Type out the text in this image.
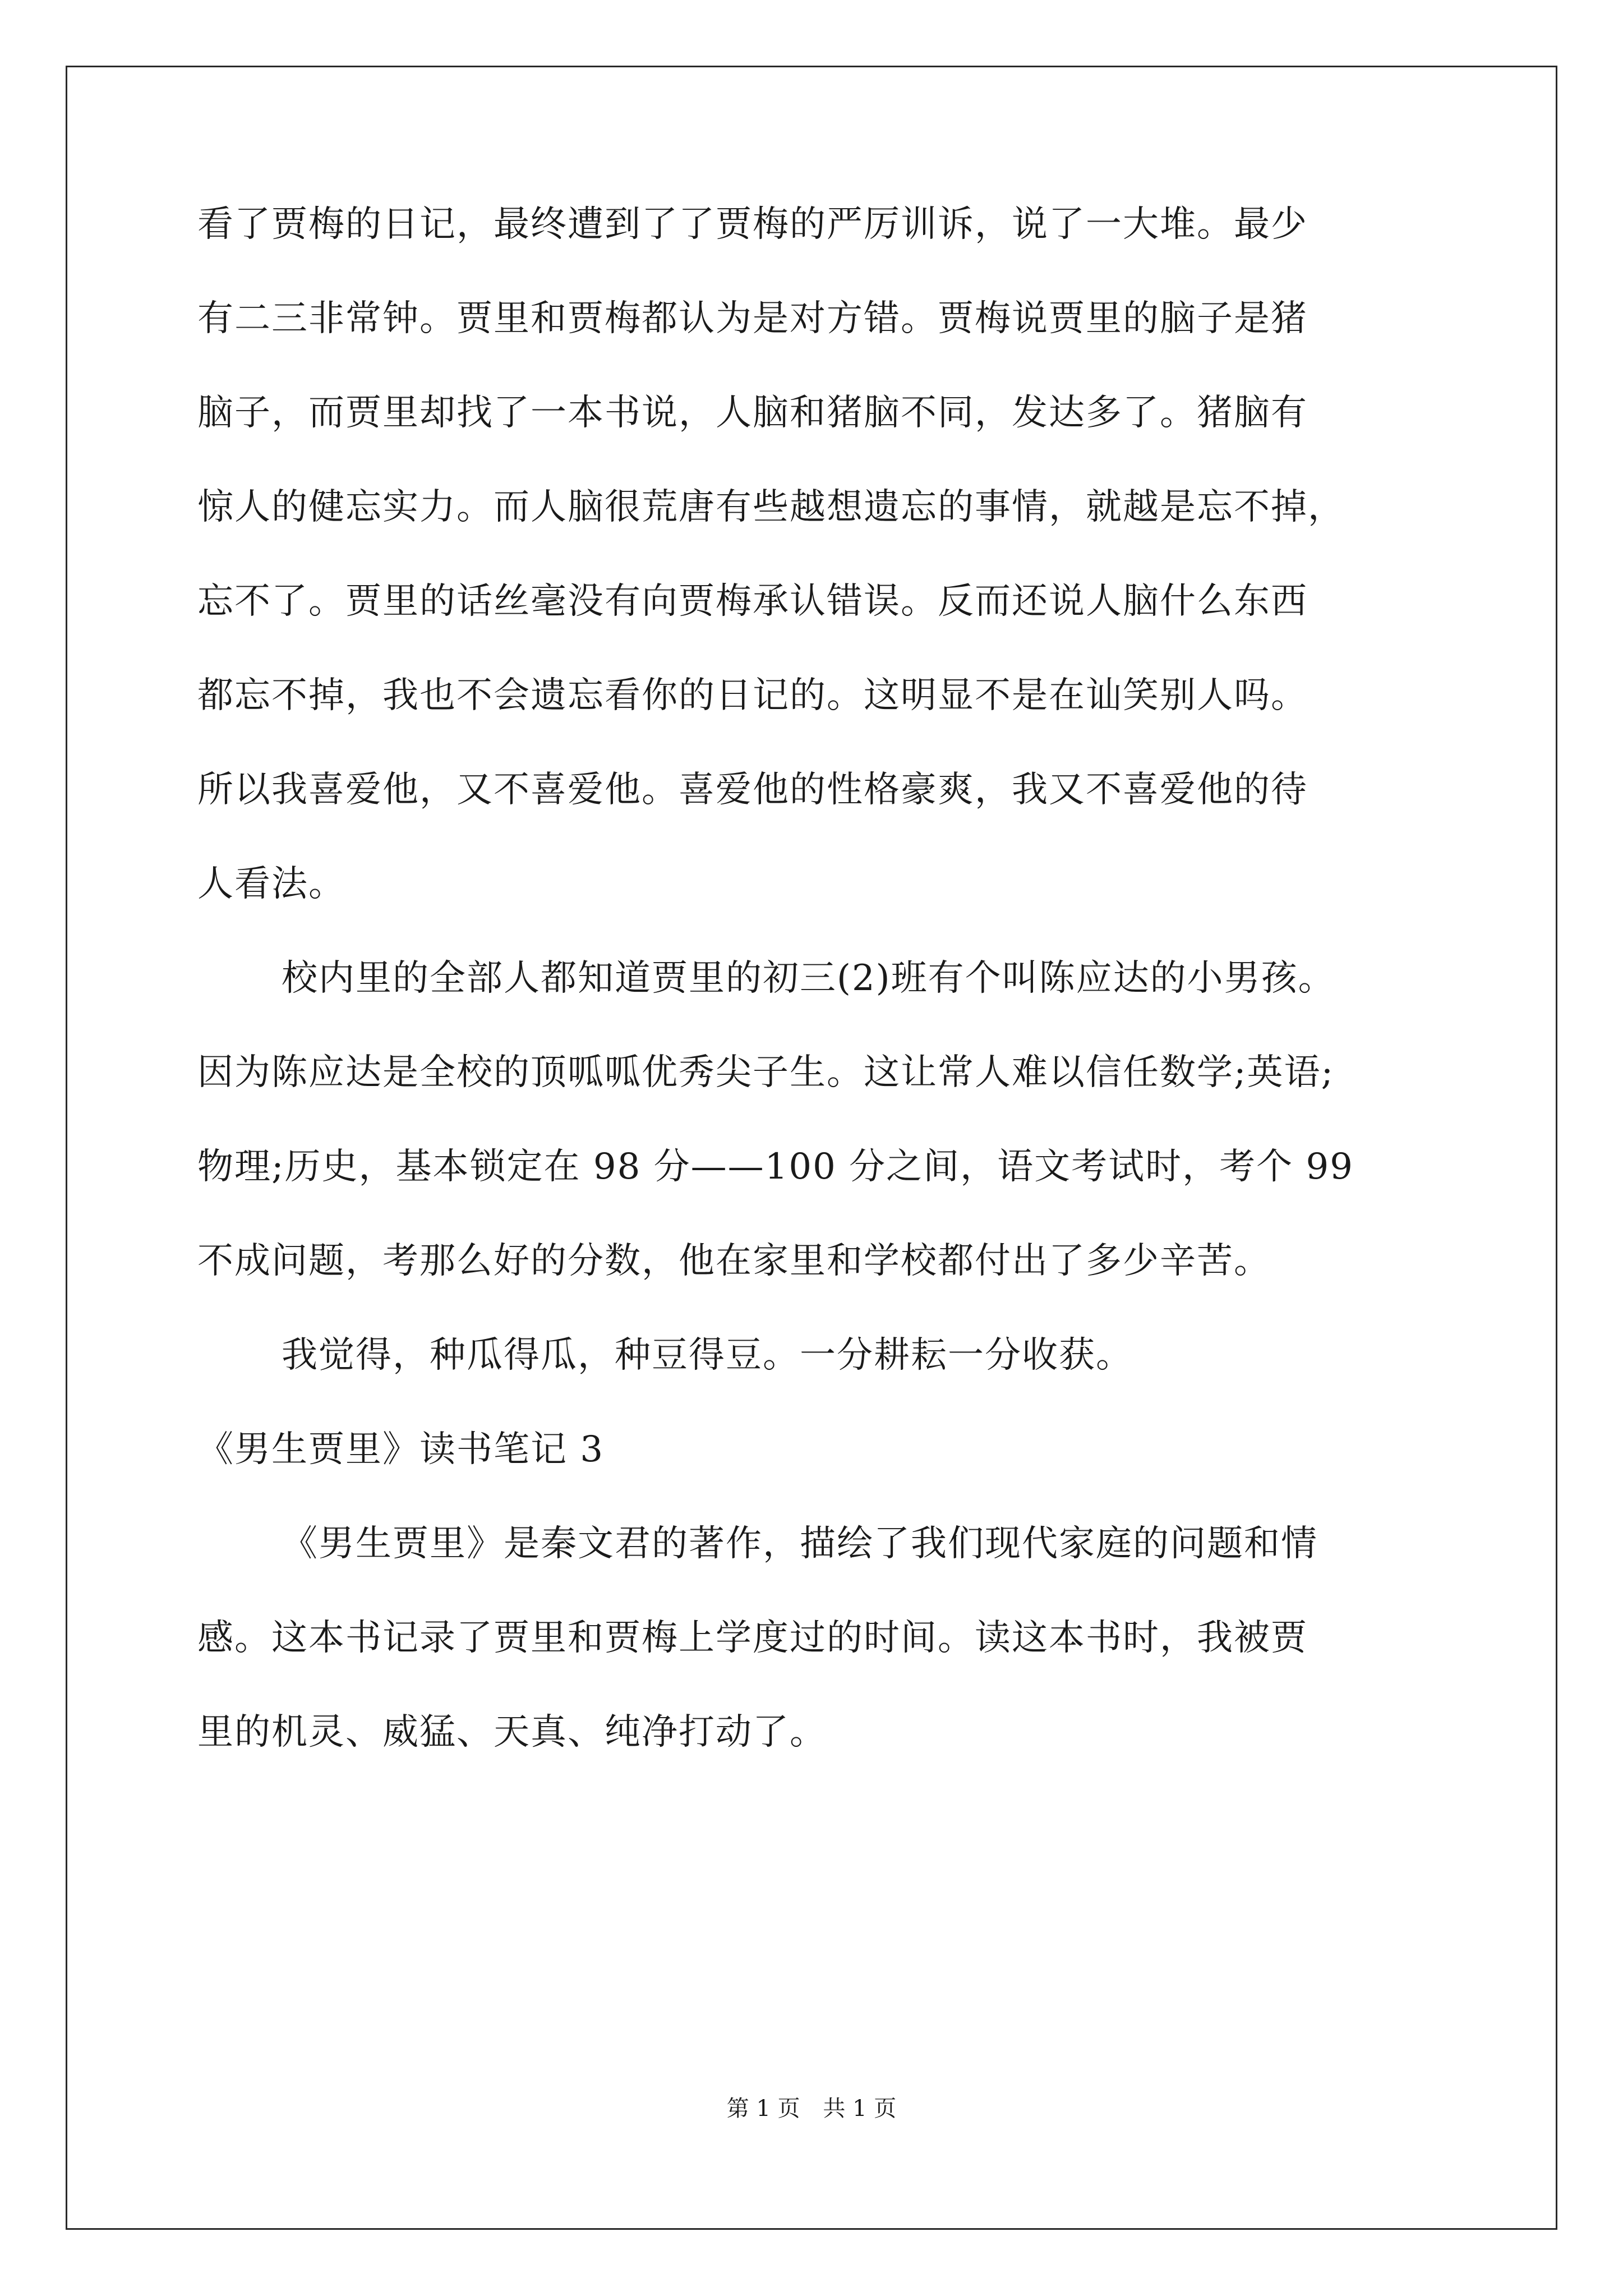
看了贾梅的日记，最终遭到了了贾梅的严厉训诉，说了一大堆。最少
有二三非常钟。贾里和贾梅都认为是对方错。贾梅说贾里的脑子是猪
脑子，而贾里却找了一本书说，人脑和猪脑不同，发达多了。猪脑有
惊人的健忘实力。而人脑很荒唐有些越想遗忘的事情，就越是忘不掉，
忘不了。贾里的话丝毫没有向贾梅承认错误。反而还说人脑什么东西
都忘不掉，我也不会遗忘看你的日记的。这明显不是在讪笑别人吗。
所以我喜爱他，又不喜爱他。喜爱他的性格豪爽，我又不喜爱他的待
人看法。
校内里的全部人都知道贾里的初三(2)班有个叫陈应达的小男孩。
因为陈应达是全校的顶呱呱优秀尖子生。这让常人难以信任数学;英语;
物理;历史，基本锁定在 98 分——100 分之间，语文考试时，考个 99
不成问题，考那么好的分数，他在家里和学校都付出了多少辛苦。
我觉得，种瓜得瓜，种豆得豆。一分耕耘一分收获。
《男生贾里》读书笔记 3
《男生贾里》是秦文君的著作，描绘了我们现代家庭的问题和情
感。这本书记录了贾里和贾梅上学度过的时间。读这本书时，我被贾
里的机灵、威猛、天真、纯净打动了。
第 1 页 共 1 页
